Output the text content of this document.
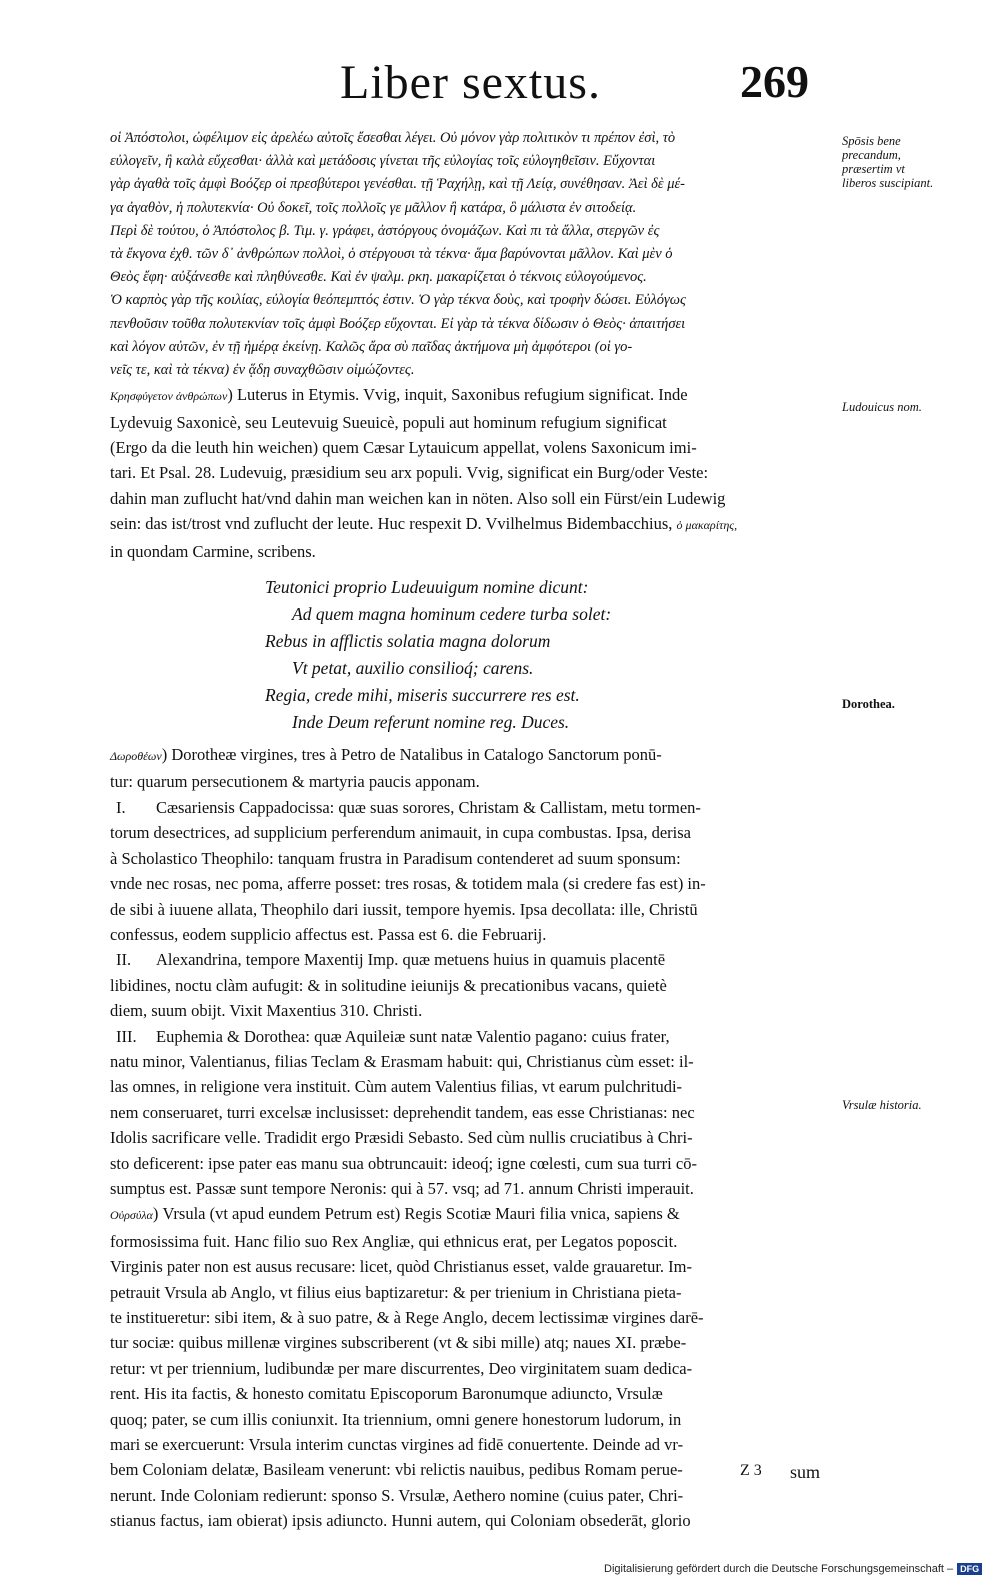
Liber sextus.	269

οἱ Ἀπόστολοι, ὠφέλιμον εἰς ἀρελέω αὐτοῖς ἔσεσθαι λέγει. Οὐ μόνον γὰρ πολιτικὸν τι πρέπον ἐσὶ, τὸ

εὐλογεῖν, ἢ καλὰ εὔχεσθαι· ἀλλὰ καὶ μετάδοσις γίνεται τῆς εὐλογίας τοῖς εὐλογηθεῖσιν. Εὔχονται

γὰρ ἀγαθὰ τοῖς ἀμφὶ Βοόζερ οἱ πρεσβύτεροι γενέσθαι. τῇ Ῥαχήλῃ, καὶ τῇ Λείᾳ, συνέθησαν. Ἀεὶ δὲ μέ-

γα ἀγαθὸν, ἡ πολυτεκνία· Οὐ δοκεῖ, τοῖς πολλοῖς γε μᾶλλον ἢ κατάρα, ὃ μάλιστα ἐν σιτοδείᾳ.

Περὶ δὲ τούτου, ὁ Ἀπόστολος β. Τιμ. γ. γράφει, ἀστόργους ὀνομάζων. Καὶ πι τὰ ἄλλα, στεργῶν ἐς

τὰ ἔκγονα ἐχθ. τῶν δ᾽ ἀνθρώπων πολλοὶ, ὁ στέργουσι τὰ τέκνα· ἅμα βαρύνονται μᾶλλον. Καὶ μὲν ὁ

Θεὸς ἔφη· αὐξάνεσθε καὶ πληθύνεσθε. Καὶ ἐν ψαλμ. ρκη. μακαρίζεται ὁ τέκνοις εὐλογούμενος.

Ὁ καρπὸς γὰρ τῆς κοιλίας, εὐλογία θεόπεμπτός ἐστιν. Ὁ γὰρ τέκνα δοὺς, καὶ τροφὴν δώσει. Εὐλόγως

πενθοῦσιν τοῦθα πολυτεκνίαν τοῖς ἀμφὶ Βοόζερ εὔχονται. Εἰ γὰρ τὰ τέκνα δίδωσιν ὁ Θεὸς· ἀπαιτήσει

καὶ λόγον αὐτῶν, ἐν τῇ ἡμέρᾳ ἐκείνῃ. Καλῶς ἄρα σὺ παῖδας ἀκτήμονα μὴ ἀμφότεροι (οἱ γο-

νεῖς τε, καὶ τὰ τέκνα) ἐν ᾅδῃ συναχθῶσιν οἰμώζοντες.

Κρησφύγετον ἀνθρώπων) Luterus in Etymis. Vvig, inquit, Saxonibus refugium significat. Inde

Lydevuig Saxonicè, seu Leutevuig Sueuicè, populi aut hominum refugium significat

(Ergo da die leuth hin weichen) quem Cæsar Lytauicum appellat, volens Saxonicum imi-

tari. Et Psal. 28. Ludevuig, præsidium seu arx populi. Vvig, significat ein Burg/oder Veste:

dahin man zuflucht hat/vnd dahin man weichen kan in nöten. Also soll ein Fürst/ein Ludewig

sein: das ist/trost vnd zuflucht der leute. Huc respexit D. Vvilhelmus Bidembacchius, ὁ μακαρίτης,

in quondam Carmine, scribens.

Teutonici proprio Ludeuuigum nomine dicunt:
Ad quem magna hominum cedere turba solet:
Rebus in afflictis solatia magna dolorum
Vt petat, auxilio consilioq́; carens.
Regia, crede mihi, miseris succurrere res est.
Inde Deum referunt nomine reg. Duces.

Δωροθέων) Dorotheæ virgines, tres à Petro de Natalibus in Catalogo Sanctorum ponū-

tur: quarum persecutionem & martyria paucis apponam.

I. Cæsariensis Cappadocissa: quæ suas sorores, Christam & Callistam, metu tormen-

torum desectrices, ad supplicium perferendum animauit, in cupa combustas. Ipsa, derisa

à Scholastico Theophilo: tanquam frustra in Paradisum contenderet ad suum sponsum:

vnde nec rosas, nec poma, afferre posset: tres rosas, & totidem mala (si credere fas est) in-

de sibi à iuuene allata, Theophilo dari iussit, tempore hyemis. Ipsa decollata: ille, Christū

confessus, eodem supplicio affectus est. Passa est 6. die Februarij.

II. Alexandrina, tempore Maxentij Imp. quæ metuens huius in quamuis placentē

libidines, noctu clàm aufugit: & in solitudine ieiunijs & precationibus vacans, quietè

diem, suum obijt. Vixit Maxentius 310. Christi.

III. Euphemia & Dorothea: quæ Aquileiæ sunt natæ Valentio pagano: cuius frater,

natu minor, Valentianus, filias Teclam & Erasmam habuit: qui, Christianus cùm esset: il-

las omnes, in religione vera instituit. Cùm autem Valentius filias, vt earum pulchritudi-

nem conseruaret, turri excelsæ inclusisset: deprehendit tandem, eas esse Christianas: nec

Idolis sacrificare velle. Tradidit ergo Præsidi Sebasto. Sed cùm nullis cruciatibus à Chri-

sto deficerent: ipse pater eas manu sua obtruncauit: ideoq́; igne cœlesti, cum sua turri cō-

sumptus est. Passæ sunt tempore Neronis: qui à 57. vsq; ad 71. annum Christi imperauit.

Οὐρσύλα) Vrsula (vt apud eundem Petrum est) Regis Scotiæ Mauri filia vnica, sapiens &

formosissima fuit. Hanc filio suo Rex Angliæ, qui ethnicus erat, per Legatos poposcit.

Virginis pater non est ausus recusare: licet, quòd Christianus esset, valde grauaretur. Im-

petrauit Vrsula ab Anglo, vt filius eius baptizaretur: & per trienium in Christiana pieta-

te institueretur: sibi item, & à suo patre, & à Rege Anglo, decem lectissimæ virgines darē-

tur sociæ: quibus millenæ virgines subscriberent (vt & sibi mille) atq; naues XI. præbe-

retur: vt per triennium, ludibundæ per mare discurrentes, Deo virginitatem suam dedica-

rent. His ita factis, & honesto comitatu Episcoporum Baronumque adiuncto, Vrsulæ

quoq; pater, se cum illis coniunxit. Ita triennium, omni genere honestorum ludorum, in

mari se exercuerunt: Vrsula interim cunctas virgines ad fidē conuertente. Deinde ad vr-

bem Coloniam delatæ, Basileam venerunt: vbi relictis nauibus, pedibus Romam perue-

nerunt. Inde Coloniam redierunt: sponso S. Vrsulæ, Aethero nomine (cuius pater, Chri-

stianus factus, iam obierat) ipsis adiuncto. Hunni autem, qui Coloniam obsederāt, glorio

Spōsis bene precandum, præsertim vt liberos suscipiant.
Ludouicus nom.
Dorothea.
Vrsulæ historia.
Z 3 sum
Digitalisierung gefördert durch die Deutsche Forschungsgemeinschaft – DFG
